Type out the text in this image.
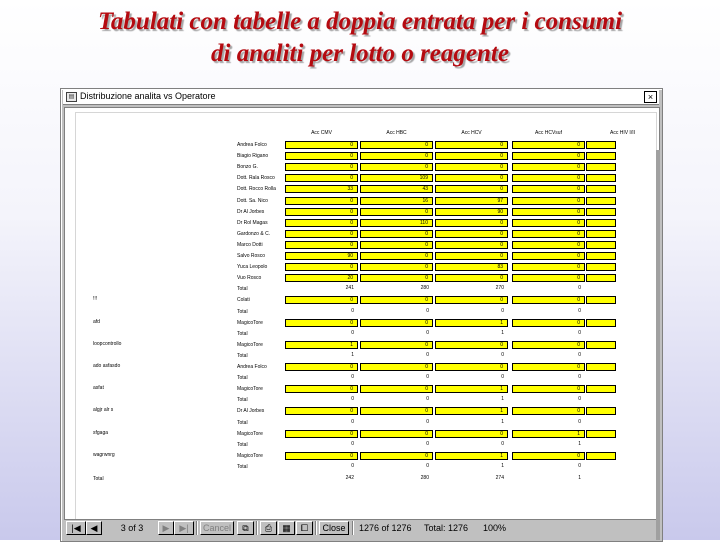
Tabulati con tabelle a doppia entrata per i consumi
di analiti per lotto o reagente
▤ Distribuzione analita vs Operatore	×
Acc CMV	Acc HBC	Acc HCV	Acc HCVsuf	Acc HIV I/II
Andrea Folco	0	0	0	0
Biagio Rigano	0	0	0	0
Bonzo G.	0	0	0	0
Dott. Rala Rosco	0	109	0	0
Dott. Rocco Rolla	33	43	0	0
Dott. Sa. Nico	0	16	97	0
Dr Al Jorbes	0	0	90	0
Dr Rol Magas	0	110	0	0
Gardonzo & C.	0	0	0	0
Marco Dotti	0	0	0	0
Salvo Rosco	90	0	0	0
Yuca Leopolo	0	0	83	0
Vuo Rosco	20	0	0	0
Total	241	280	270	0
!!!	Colati	0	0	0	0
Total	0	0	0	0
afd	MagicoTore	0	0	1	0
Total	0	0	1	0
loopcontrollo	MagicoTore	1	0	0	0
Total	1	0	0	0
ado asfasdo	Andrea Folco	0	0	0	0
Total	0	0	0	0
asfat	MagicoTore	0	0	1	0
Total	0	0	1	0
algjr alr s	Dr Al Jorbes	0	0	1	0
Total	0	0	1	0
sfgaga	MagicoTore	0	0	0	1
Total	0	0	0	1
wagrwnrg	MagicoTore	0	0	1	0
Total	0	0	1	0
Total	242	280	274	1
|◀	◀	3 of 3	▶	▶|	Cancel	⧉	⎙	▦	⧠	Close	1276 of 1276 Total: 1276 100%
